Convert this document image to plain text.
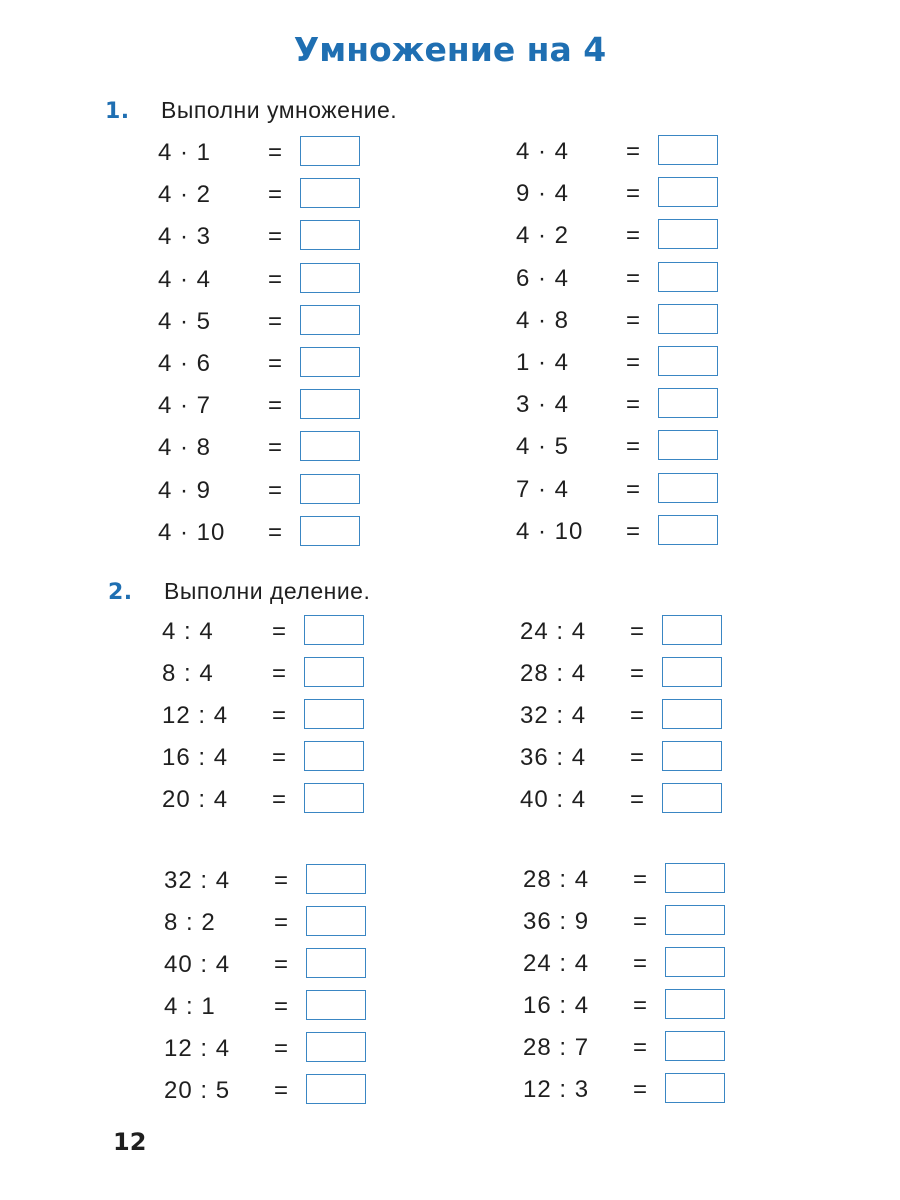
Умножение на 4
1.	Выполни умножение.
2.	Выполни деление.
4 · 1 =
4 · 2 =
4 · 3 =
4 · 4 =
4 · 5 =
4 · 6 =
4 · 7 =
4 · 8 =
4 · 9 =
4 · 10 =
4 · 4 =
9 · 4 =
4 · 2 =
6 · 4 =
4 · 8 =
1 · 4 =
3 · 4 =
4 · 5 =
7 · 4 =
4 · 10 =
4 : 4 =
8 : 4 =
12 : 4 =
16 : 4 =
20 : 4 =
24 : 4 =
28 : 4 =
32 : 4 =
36 : 4 =
40 : 4 =
32 : 4 =
8 : 2 =
40 : 4 =
4 : 1 =
12 : 4 =
20 : 5 =
28 : 4 =
36 : 9 =
24 : 4 =
16 : 4 =
28 : 7 =
12 : 3 =
12
